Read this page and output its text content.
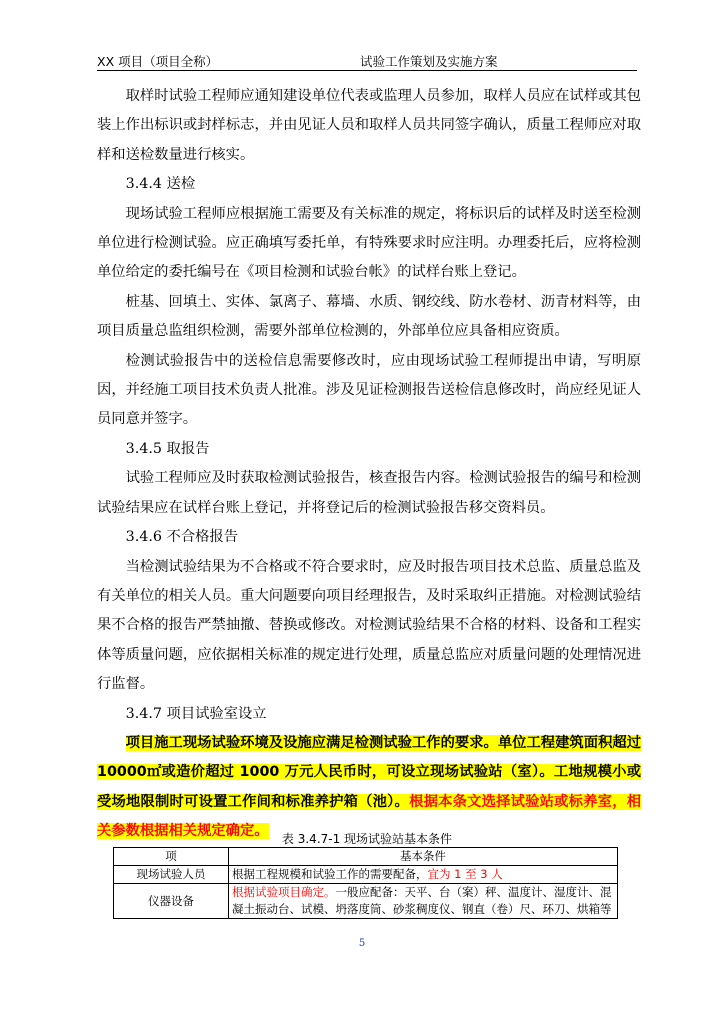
XX 项目（项目全称）	试验工作策划及实施方案

取样时试验工程师应通知建设单位代表或监理人员参加，取样人员应在试样或其包装上作出标识或封样标志，并由见证人员和取样人员共同签字确认，质量工程师应对取样和送检数量进行核实。

3.4.4 送检

现场试验工程师应根据施工需要及有关标准的规定，将标识后的试样及时送至检测单位进行检测试验。应正确填写委托单，有特殊要求时应注明。办理委托后，应将检测单位给定的委托编号在《项目检测和试验台帐》的试样台账上登记。

桩基、回填土、实体、氯离子、幕墙、水质、钢绞线、防水卷材、沥青材料等，由项目质量总监组织检测，需要外部单位检测的，外部单位应具备相应资质。

检测试验报告中的送检信息需要修改时，应由现场试验工程师提出申请，写明原因，并经施工项目技术负责人批准。涉及见证检测报告送检信息修改时，尚应经见证人员同意并签字。

3.4.5 取报告

试验工程师应及时获取检测试验报告，核查报告内容。检测试验报告的编号和检测试验结果应在试样台账上登记，并将登记后的检测试验报告移交资料员。

3.4.6 不合格报告

当检测试验结果为不合格或不符合要求时，应及时报告项目技术总监、质量总监及有关单位的相关人员。重大问题要向项目经理报告，及时采取纠正措施。对检测试验结果不合格的报告严禁抽撤、替换或修改。对检测试验结果不合格的材料、设备和工程实体等质量问题，应依据相关标准的规定进行处理，质量总监应对质量问题的处理情况进行监督。

3.4.7 项目试验室设立

项目施工现场试验环境及设施应满足检测试验工作的要求。单位工程建筑面积超过 10000㎡或造价超过 1000 万元人民币时，可设立现场试验站（室）。工地规模小或受场地限制时可设置工作间和标准养护箱（池）。根据本条文选择试验站或标养室，相关参数根据相关规定确定。	表 3.4.7-1 现场试验站基本条件
项	基本条件
现场试验人员	根据工程规模和试验工作的需要配备，宜为 1 至 3 人
仪器设备	根据试验项目确定。一般应配备：天平、台（案）秤、温度计、湿度计、混凝土振动台、试模、坍落度筒、砂浆稠度仪、钢直（卷）尺、环刀、烘箱等
5
